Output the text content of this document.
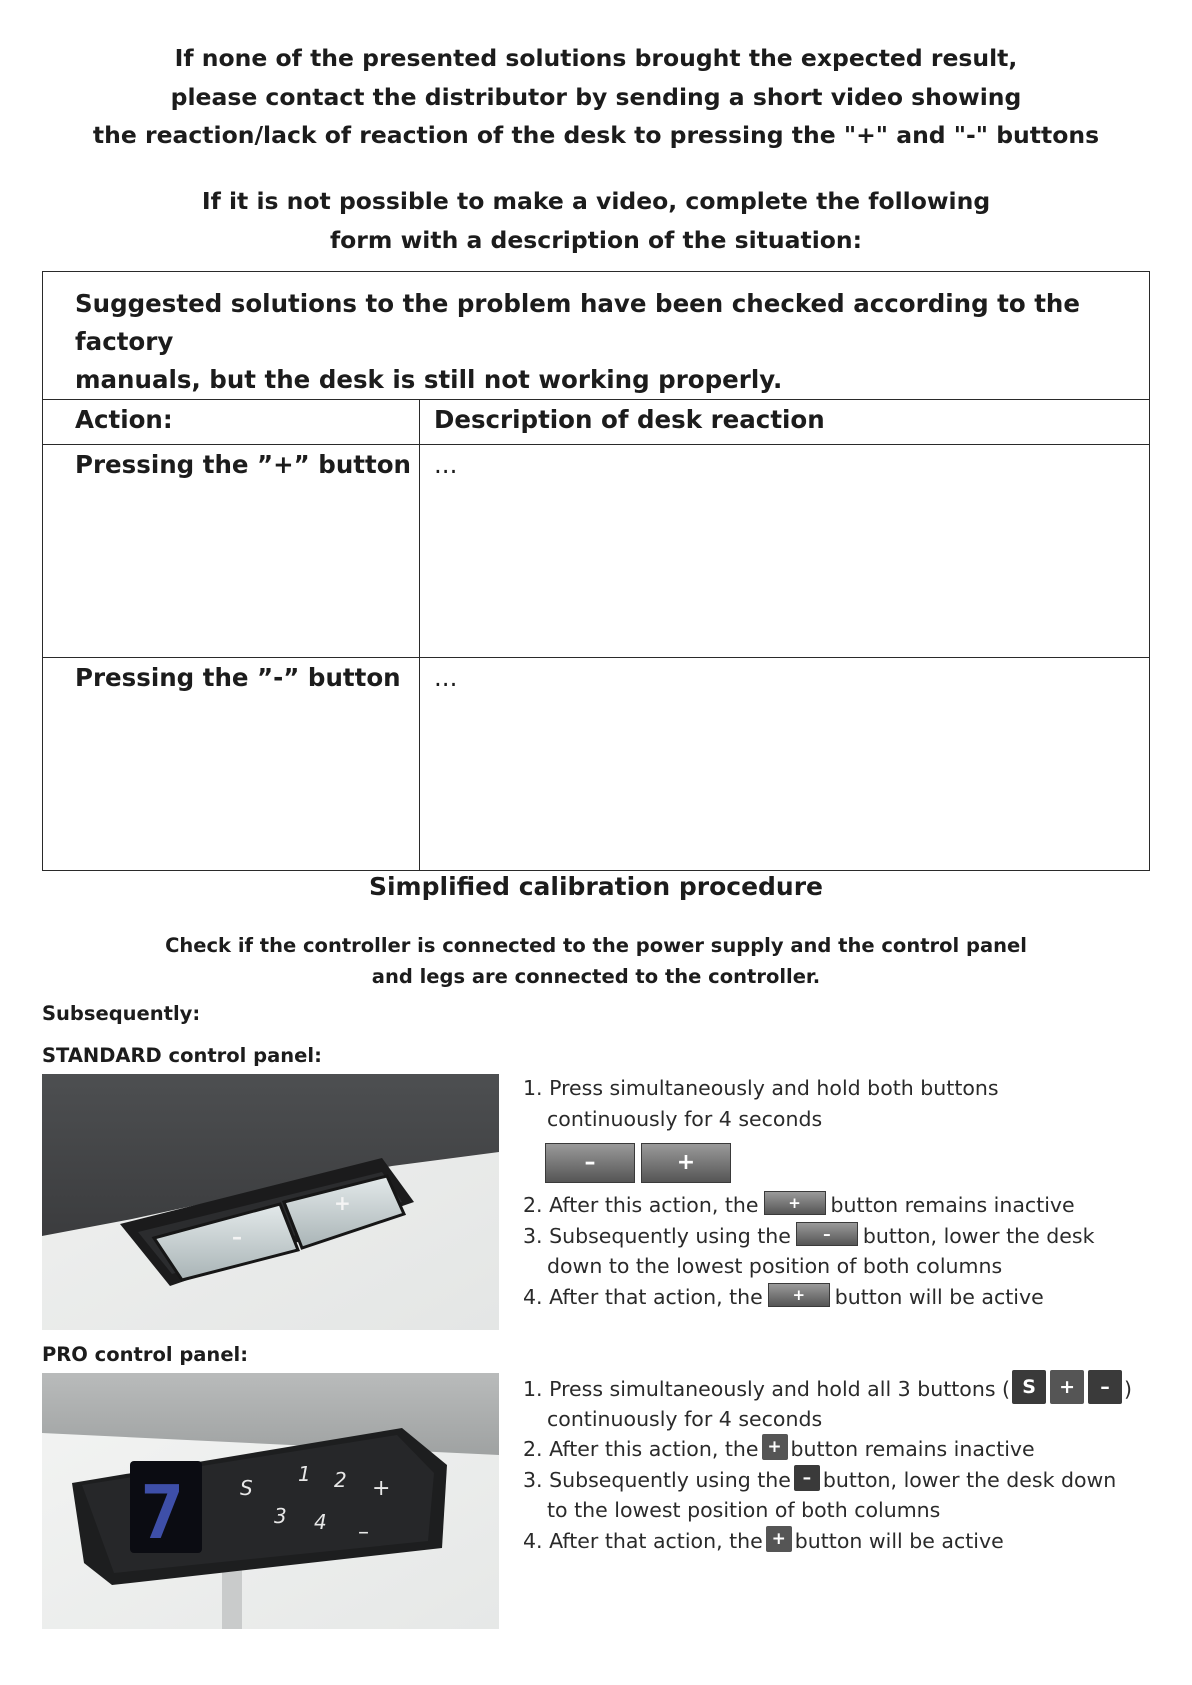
If none of the presented solutions brought the expected result,
please contact the distributor by sending a short video showing
the reaction/lack of reaction of the desk to pressing the "+" and "-" buttons
If it is not possible to make a video, complete the following
form with a description of the situation:
Suggested solutions to the problem have been checked according to the factory
manuals, but the desk is still not working properly.	

Action:	Description of desk reaction
Pressing the ”+” button	...
Pressing the ”-” button	...
Simplified calibration procedure
Check if the controller is connected to the power supply and the control panel
and legs are connected to the controller.
Subsequently:
STANDARD control panel:
–
+
1. Press simultaneously and hold both buttons
continuously for 4 seconds
–	+
2. After this action, the + button remains inactive
3. Subsequently using the – button, lower the desk
down to the lowest position of both columns
4. After that action, the + button will be active
PRO control panel:
7	S
1 2 +
3 4 –
1. Press simultaneously and hold all 3 buttons ( S + – )
continuously for 4 seconds
2. After this action, the + button remains inactive
3. Subsequently using the – button, lower the desk down
to the lowest position of both columns
4. After that action, the + button will be active
